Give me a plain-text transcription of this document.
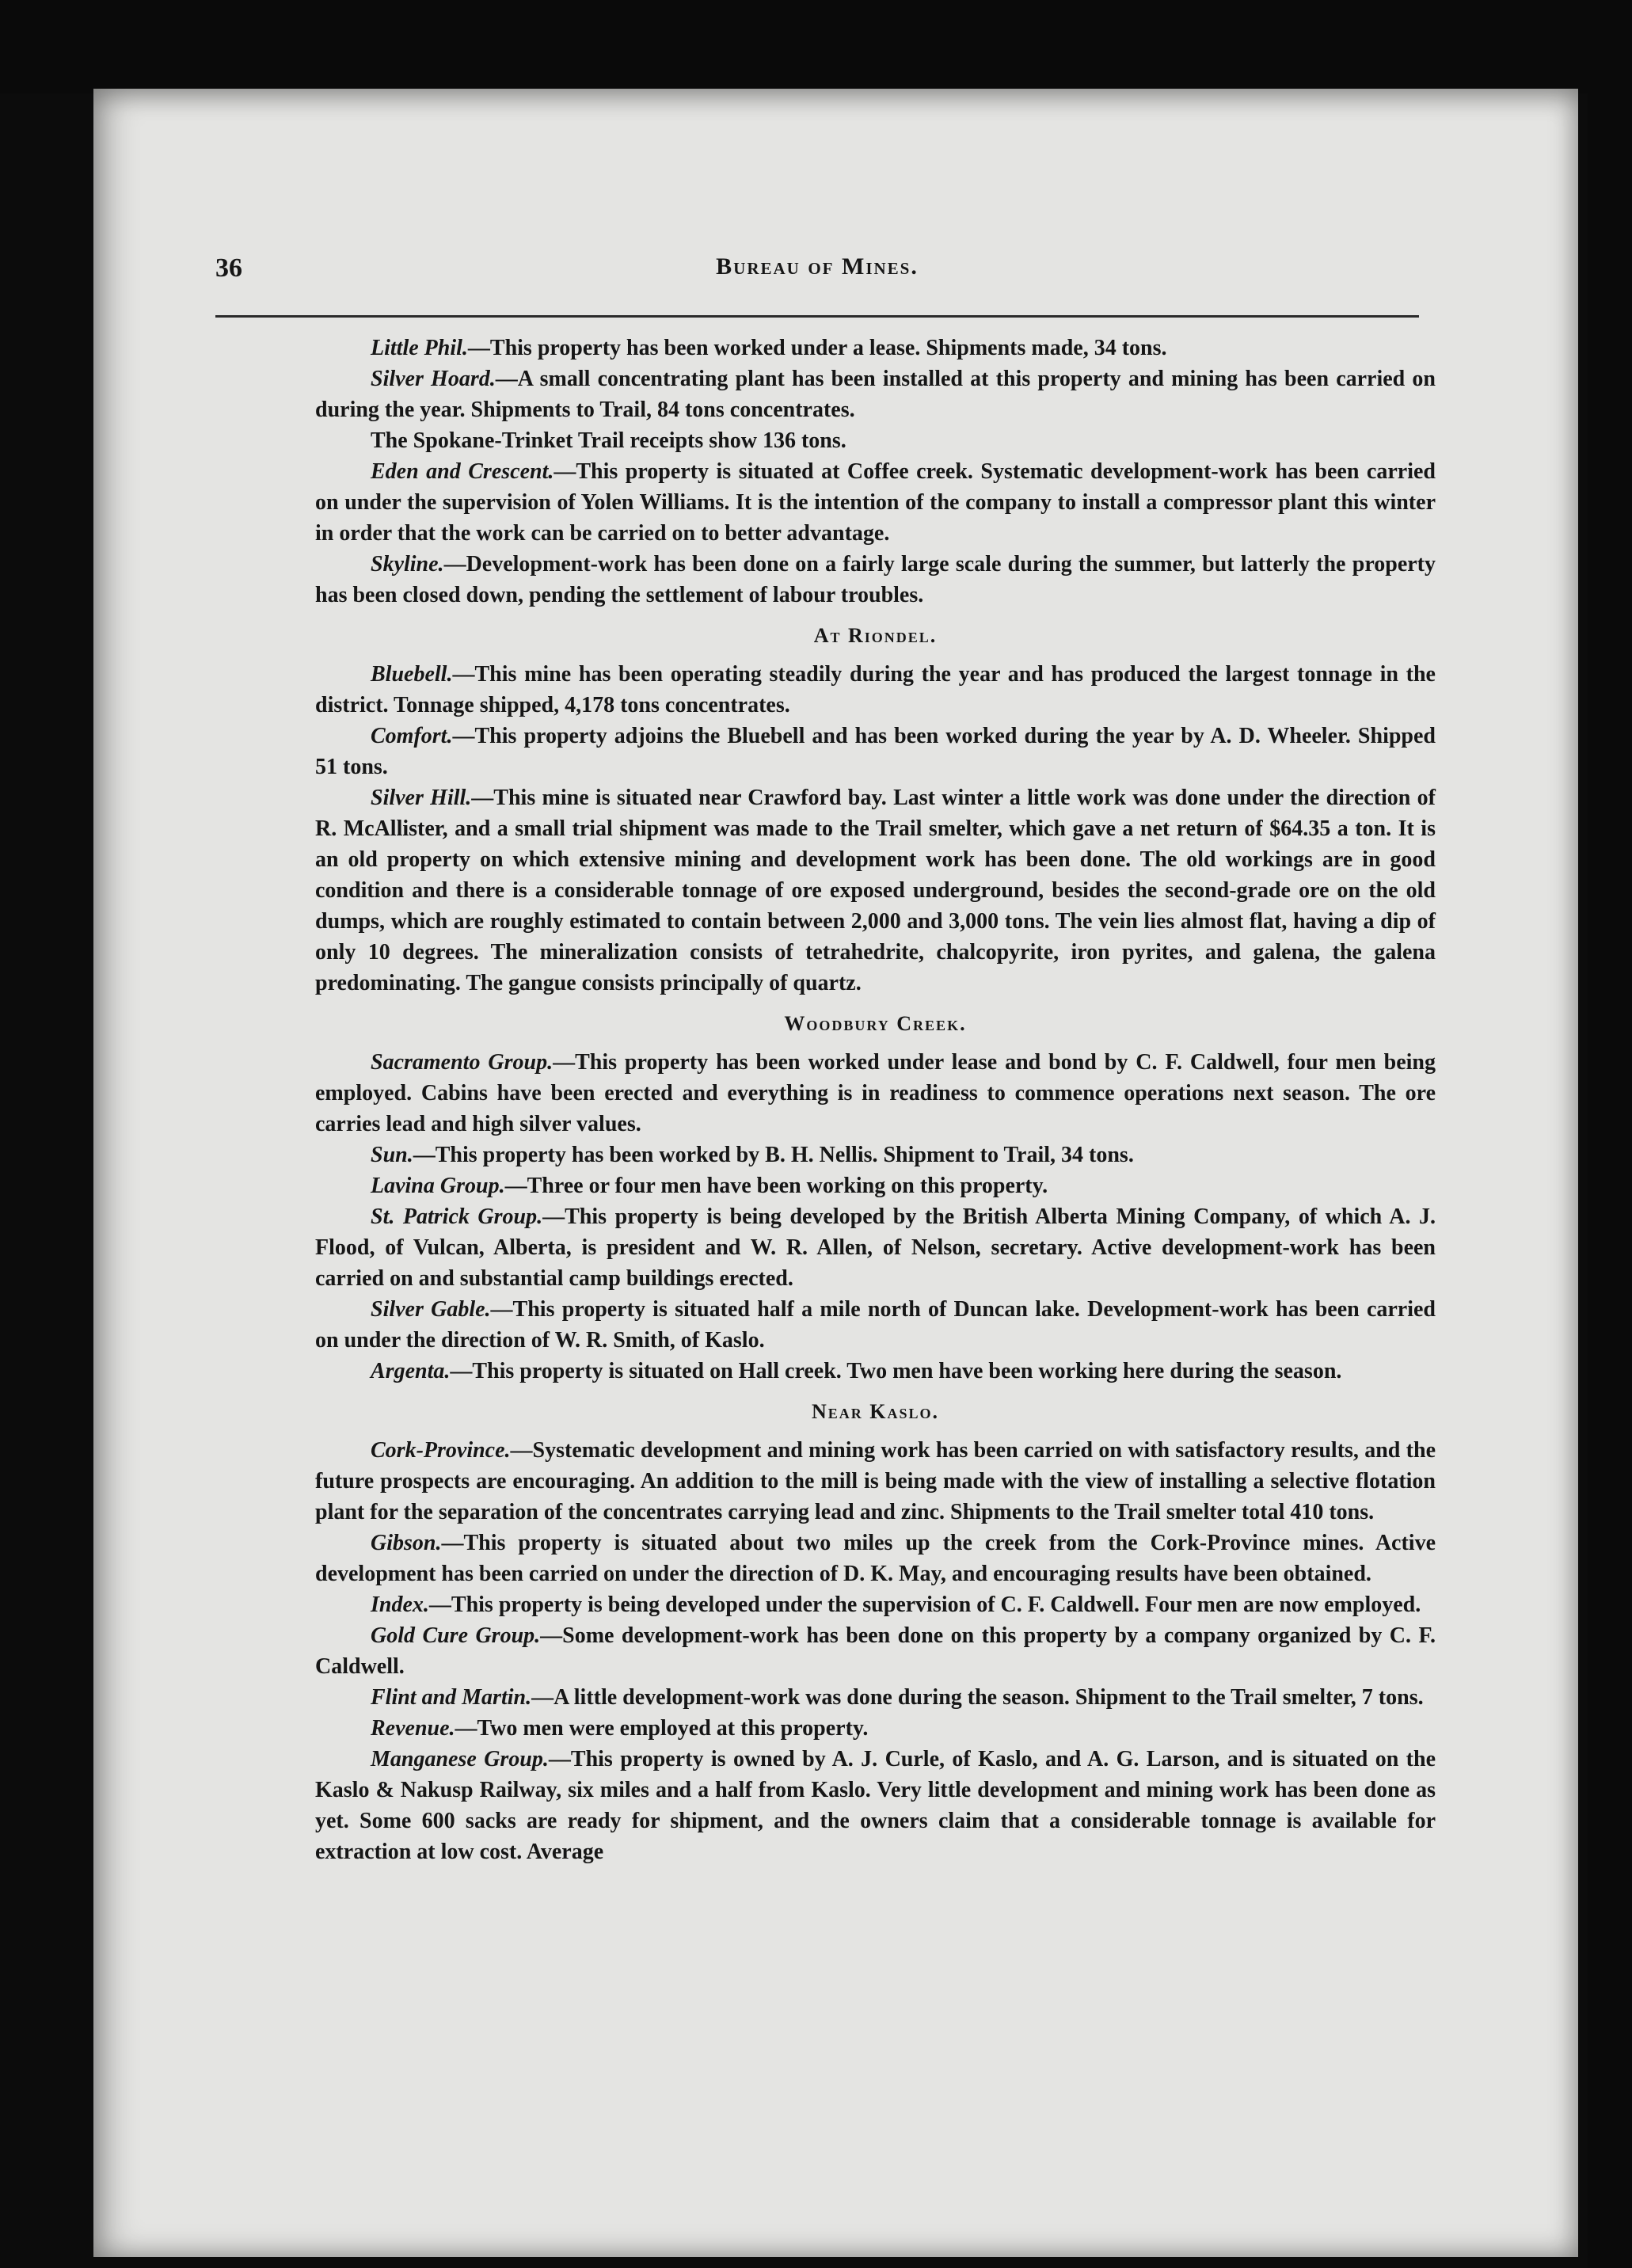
36	Bureau of Mines.

Little Phil.—This property has been worked under a lease. Shipments made, 34 tons.

Silver Hoard.—A small concentrating plant has been installed at this property and mining has been carried on during the year. Shipments to Trail, 84 tons concentrates.

The Spokane-Trinket Trail receipts show 136 tons.

Eden and Crescent.—This property is situated at Coffee creek. Systematic development-work has been carried on under the supervision of Yolen Williams. It is the intention of the company to install a compressor plant this winter in order that the work can be carried on to better advantage.

Skyline.—Development-work has been done on a fairly large scale during the summer, but latterly the property has been closed down, pending the settlement of labour troubles.

At Riondel.

Bluebell.—This mine has been operating steadily during the year and has produced the largest tonnage in the district. Tonnage shipped, 4,178 tons concentrates.

Comfort.—This property adjoins the Bluebell and has been worked during the year by A. D. Wheeler. Shipped 51 tons.

Silver Hill.—This mine is situated near Crawford bay. Last winter a little work was done under the direction of R. McAllister, and a small trial shipment was made to the Trail smelter, which gave a net return of $64.35 a ton. It is an old property on which extensive mining and development work has been done. The old workings are in good condition and there is a considerable tonnage of ore exposed underground, besides the second-grade ore on the old dumps, which are roughly estimated to contain between 2,000 and 3,000 tons. The vein lies almost flat, having a dip of only 10 degrees. The mineralization consists of tetrahedrite, chalcopyrite, iron pyrites, and galena, the galena predominating. The gangue consists principally of quartz.

Woodbury Creek.

Sacramento Group.—This property has been worked under lease and bond by C. F. Caldwell, four men being employed. Cabins have been erected and everything is in readiness to commence operations next season. The ore carries lead and high silver values.

Sun.—This property has been worked by B. H. Nellis. Shipment to Trail, 34 tons.

Lavina Group.—Three or four men have been working on this property.

St. Patrick Group.—This property is being developed by the British Alberta Mining Company, of which A. J. Flood, of Vulcan, Alberta, is president and W. R. Allen, of Nelson, secretary. Active development-work has been carried on and substantial camp buildings erected.

Silver Gable.—This property is situated half a mile north of Duncan lake. Development-work has been carried on under the direction of W. R. Smith, of Kaslo.

Argenta.—This property is situated on Hall creek. Two men have been working here during the season.

Near Kaslo.

Cork-Province.—Systematic development and mining work has been carried on with satisfactory results, and the future prospects are encouraging. An addition to the mill is being made with the view of installing a selective flotation plant for the separation of the concentrates carrying lead and zinc. Shipments to the Trail smelter total 410 tons.

Gibson.—This property is situated about two miles up the creek from the Cork-Province mines. Active development has been carried on under the direction of D. K. May, and encouraging results have been obtained.

Index.—This property is being developed under the supervision of C. F. Caldwell. Four men are now employed.

Gold Cure Group.—Some development-work has been done on this property by a company organized by C. F. Caldwell.

Flint and Martin.—A little development-work was done during the season. Shipment to the Trail smelter, 7 tons.

Revenue.—Two men were employed at this property.

Manganese Group.—This property is owned by A. J. Curle, of Kaslo, and A. G. Larson, and is situated on the Kaslo & Nakusp Railway, six miles and a half from Kaslo. Very little development and mining work has been done as yet. Some 600 sacks are ready for shipment, and the owners claim that a considerable tonnage is available for extraction at low cost. Average
